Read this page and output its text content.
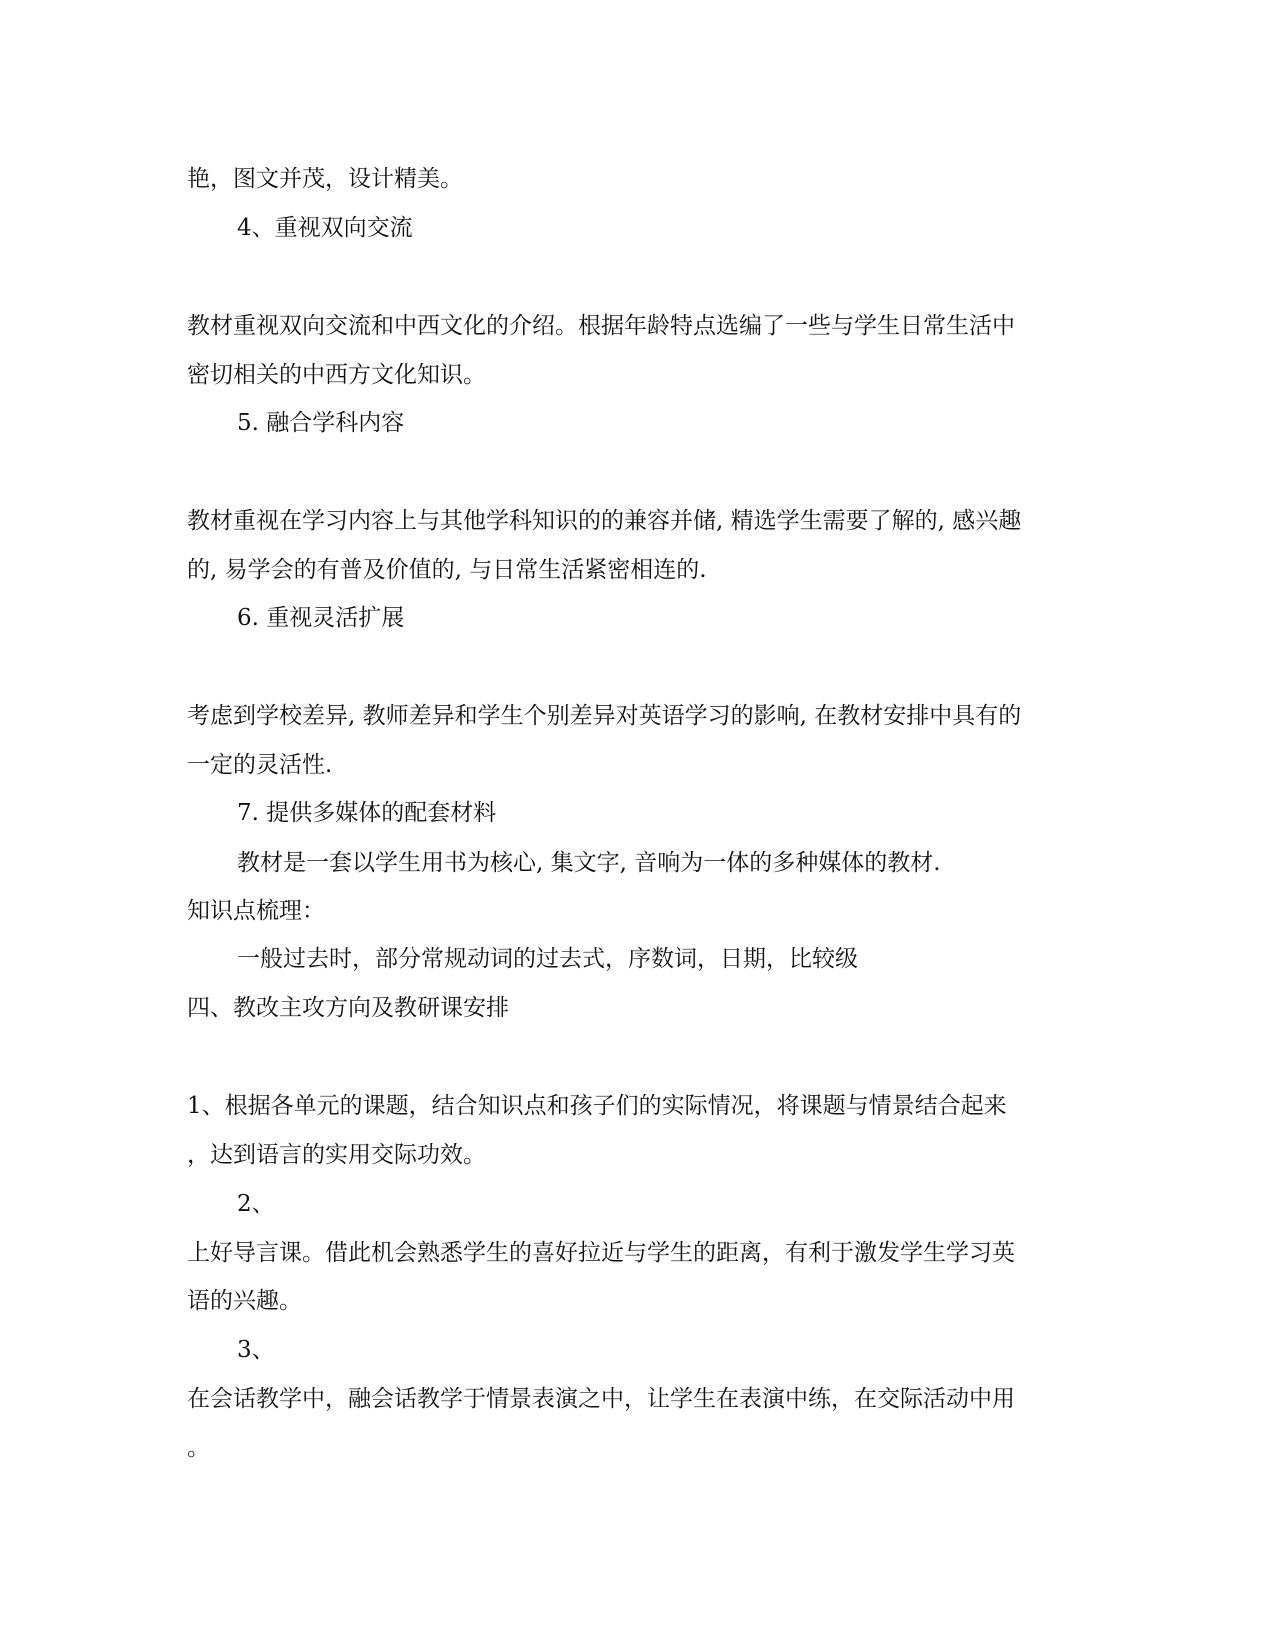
艳，图文并茂，设计精美。
4、重视双向交流
教材重视双向交流和中西文化的介绍。根据年龄特点选编了一些与学生日常生活中
密切相关的中西方文化知识。
5. 融合学科内容
教材重视在学习内容上与其他学科知识的的兼容并储, 精选学生需要了解的, 感兴趣
的, 易学会的有普及价值的, 与日常生活紧密相连的.
6. 重视灵活扩展
考虑到学校差异, 教师差异和学生个别差异对英语学习的影响, 在教材安排中具有的
一定的灵活性.
7. 提供多媒体的配套材料
教材是一套以学生用书为核心, 集文字, 音响为一体的多种媒体的教材.
知识点梳理：
一般过去时，部分常规动词的过去式，序数词，日期，比较级
四、教改主攻方向及教研课安排
1、根据各单元的课题，结合知识点和孩子们的实际情况，将课题与情景结合起来
，达到语言的实用交际功效。
2、
上好导言课。借此机会熟悉学生的喜好拉近与学生的距离，有利于激发学生学习英
语的兴趣。
3、
在会话教学中，融会话教学于情景表演之中，让学生在表演中练，在交际活动中用
。
